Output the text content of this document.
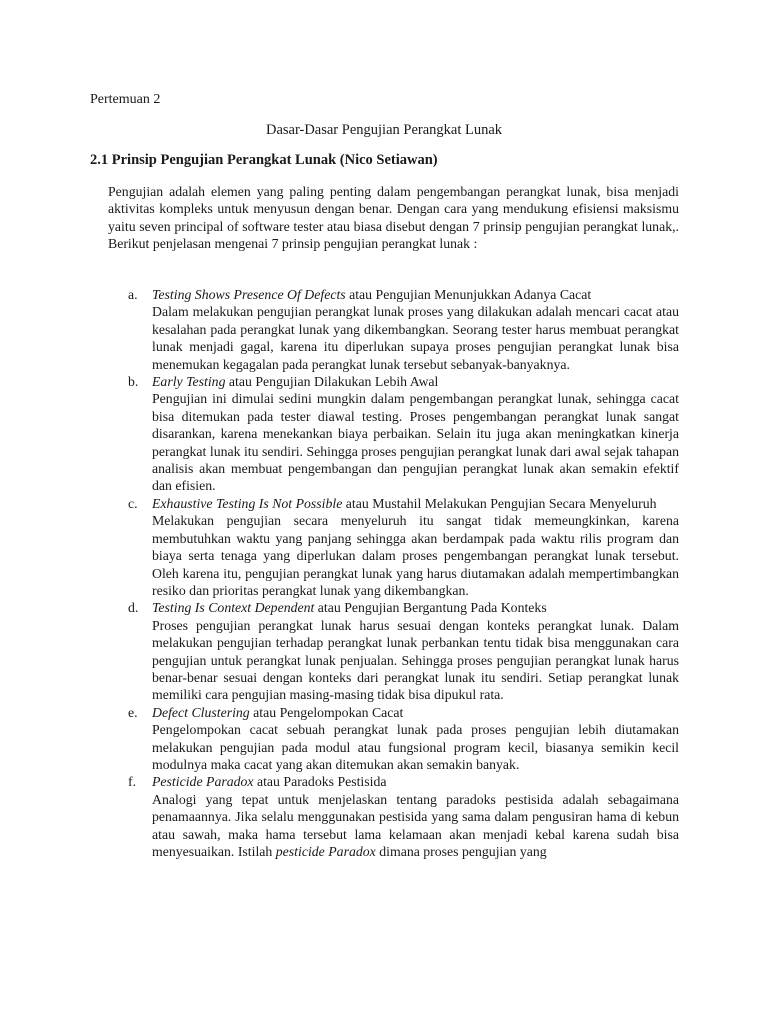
Pertemuan 2
Dasar-Dasar Pengujian Perangkat Lunak
2.1 Prinsip Pengujian Perangkat Lunak (Nico Setiawan)

Pengujian adalah elemen yang paling penting dalam pengembangan perangkat lunak, bisa menjadi aktivitas kompleks untuk menyusun dengan benar. Dengan cara yang mendukung efisiensi maksismu yaitu seven principal of software tester atau biasa disebut dengan 7 prinsip pengujian perangkat lunak,. Berikut penjelasan mengenai 7 prinsip pengujian perangkat lunak :

a.	Testing Shows Presence Of Defects atau Pengujian Menunjukkan Adanya Cacat

Dalam melakukan pengujian perangkat lunak proses yang dilakukan adalah mencari cacat atau kesalahan pada perangkat lunak yang dikembangkan. Seorang tester harus membuat perangkat lunak menjadi gagal, karena itu diperlukan supaya proses pengujian perangkat lunak bisa menemukan kegagalan pada perangkat lunak tersebut sebanyak-banyaknya.

b. Early Testing atau Pengujian Dilakukan Lebih Awal

Pengujian ini dimulai sedini mungkin dalam pengembangan perangkat lunak, sehingga cacat bisa ditemukan pada tester diawal testing. Proses pengembangan perangkat lunak sangat disarankan, karena menekankan biaya perbaikan. Selain itu juga akan meningkatkan kinerja perangkat lunak itu sendiri. Sehingga proses pengujian perangkat lunak dari awal sejak tahapan analisis akan membuat pengembangan dan pengujian perangkat lunak akan semakin efektif dan efisien.

c.	Exhaustive Testing Is Not Possible atau Mustahil Melakukan Pengujian Secara Menyeluruh

Melakukan pengujian secara menyeluruh itu sangat tidak memeungkinkan, karena membutuhkan waktu yang panjang sehingga akan berdampak pada waktu rilis program dan biaya serta tenaga yang diperlukan dalam proses pengembangan perangkat lunak tersebut. Oleh karena itu, pengujian perangkat lunak yang harus diutamakan adalah mempertimbangkan resiko dan prioritas perangkat lunak yang dikembangkan.

d. Testing Is Context Dependent atau Pengujian Bergantung Pada Konteks

Proses pengujian perangkat lunak harus sesuai dengan konteks perangkat lunak. Dalam melakukan pengujian terhadap perangkat lunak perbankan tentu tidak bisa menggunakan cara pengujian untuk perangkat lunak penjualan. Sehingga proses pengujian perangkat lunak harus benar-benar sesuai dengan konteks dari perangkat lunak itu sendiri. Setiap perangkat lunak memiliki cara pengujian masing-masing tidak bisa dipukul rata.

e.	Defect Clustering atau Pengelompokan Cacat

Pengelompokan cacat sebuah perangkat lunak pada proses pengujian lebih diutamakan melakukan pengujian pada modul atau fungsional program kecil, biasanya semikin kecil modulnya maka cacat yang akan ditemukan akan semakin banyak.

f.	Pesticide Paradox atau Paradoks Pestisida

Analogi yang tepat untuk menjelaskan tentang paradoks pestisida adalah sebagaimana penamaannya. Jika selalu menggunakan pestisida yang sama dalam pengusiran hama di kebun atau sawah, maka hama tersebut lama kelamaan akan menjadi kebal karena sudah bisa menyesuaikan. Istilah pesticide Paradox dimana proses pengujian yang
